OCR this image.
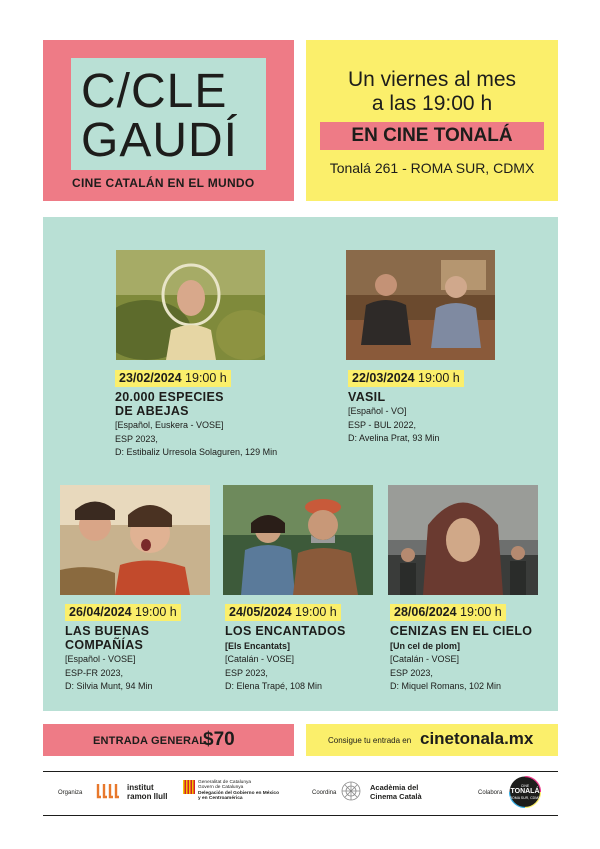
C/CLE
GAUDÍ
CINE CATALÁN EN EL MUNDO
Un viernes al mes
a las 19:00 h
EN CINE TONALÁ
Tonalá 261 - ROMA SUR, CDMX
23/02/2024 19:00 h
20.000 ESPECIES
DE ABEJAS
[Español, Euskera - VOSE]
ESP 2023,
D: Estibaliz Urresola Solaguren, 129 Min
22/03/2024 19:00 h
VASIL
[Español - VO]
ESP - BUL 2022,
D: Avelina Prat, 93 Min
26/04/2024 19:00 h
LAS BUENAS
COMPAÑÍAS
[Español - VOSE]
ESP-FR 2023,
D: Silvia Munt, 94 Min
24/05/2024 19:00 h
LOS ENCANTADOS
[Els Encantats]
[Catalán - VOSE]
ESP 2023,
D: Elena Trapé, 108 Min
28/06/2024 19:00 h
CENIZAS EN EL CIELO
[Un cel de plom]
[Catalán - VOSE]
ESP 2023,
D: Miquel Romans, 102 Min
ENTRADA GENERAL
$70	Consigue tu entrada en cinetonala.mx
Organiza
institut
ramon llull
Generalitat de Catalunya
Govern de Catalunya
Delegación del Gobierno en México
y en Centroamérica
Coordina
Acadèmia del
Cinema Català	Colabora
CINE
TONALÁ
ROMA SUR, CDMX
